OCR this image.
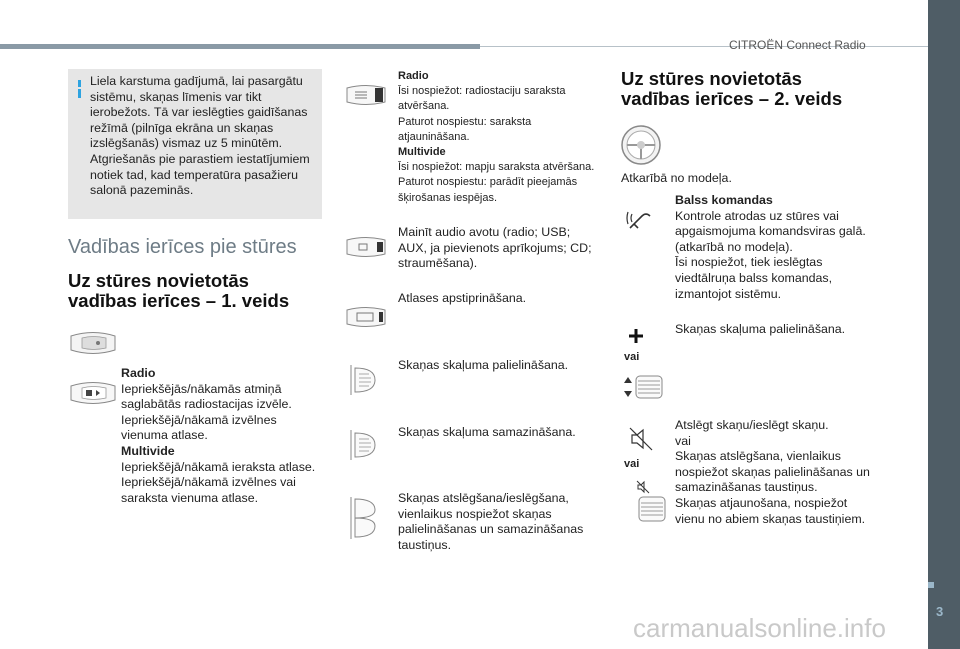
CITROËN Connect Radio
3
Liela karstuma gadījumā, lai pasargātu
sistēmu, skaņas līmenis var tikt
ierobežots. Tā var ieslēgties gaidīšanas
režīmā (pilnīga ekrāna un skaņas
izslēgšanās) vismaz uz 5 minūtēm.
Atgriešanās pie parastiem iestatījumiem
notiek tad, kad temperatūra pasažieru
salonā pazeminās.
Vadības ierīces pie stūres
Uz stūres novietotās
vadības ierīces – 1. veids
Radio
Iepriekšējās/nākamās atmiņā
saglabātās radiostacijas izvēle.
Iepriekšējā/nākamā izvēlnes
vienuma atlase.
Multivide
Iepriekšējā/nākamā ieraksta atlase.
Iepriekšējā/nākamā izvēlnes vai
saraksta vienuma atlase.
Radio
Īsi nospiežot: radiostaciju saraksta
atvēršana.
Paturot nospiestu: saraksta
atjaunināšana.
Multivide
Īsi nospiežot: mapju saraksta atvēršana.
Paturot nospiestu: parādīt pieejamās
šķirošanas iespējas.
Mainīt audio avotu (radio; USB;
AUX, ja pievienots aprīkojums; CD;
straumēšana).
Atlases apstiprināšana.
Skaņas skaļuma palielināšana.
Skaņas skaļuma samazināšana.
Skaņas atslēgšana/ieslēgšana,
vienlaikus nospiežot skaņas
palielināšanas un samazināšanas
taustiņus.
Uz stūres novietotās
vadības ierīces – 2. veids
Atkarībā no modeļa.
Balss komandas
Kontrole atrodas uz stūres vai
apgaismojuma komandsviras galā.
(atkarībā no modeļa).
Īsi nospiežot, tiek ieslēgtas
viedtālruņa balss komandas,
izmantojot sistēmu.
vai
Skaņas skaļuma palielināšana.
vai
Atslēgt skaņu/ieslēgt skaņu.
vai
Skaņas atslēgšana, vienlaikus
nospiežot skaņas palielināšanas un
samazināšanas taustiņus.
Skaņas atjaunošana, nospiežot
vienu no abiem skaņas taustiņiem.
carmanualsonline.info
